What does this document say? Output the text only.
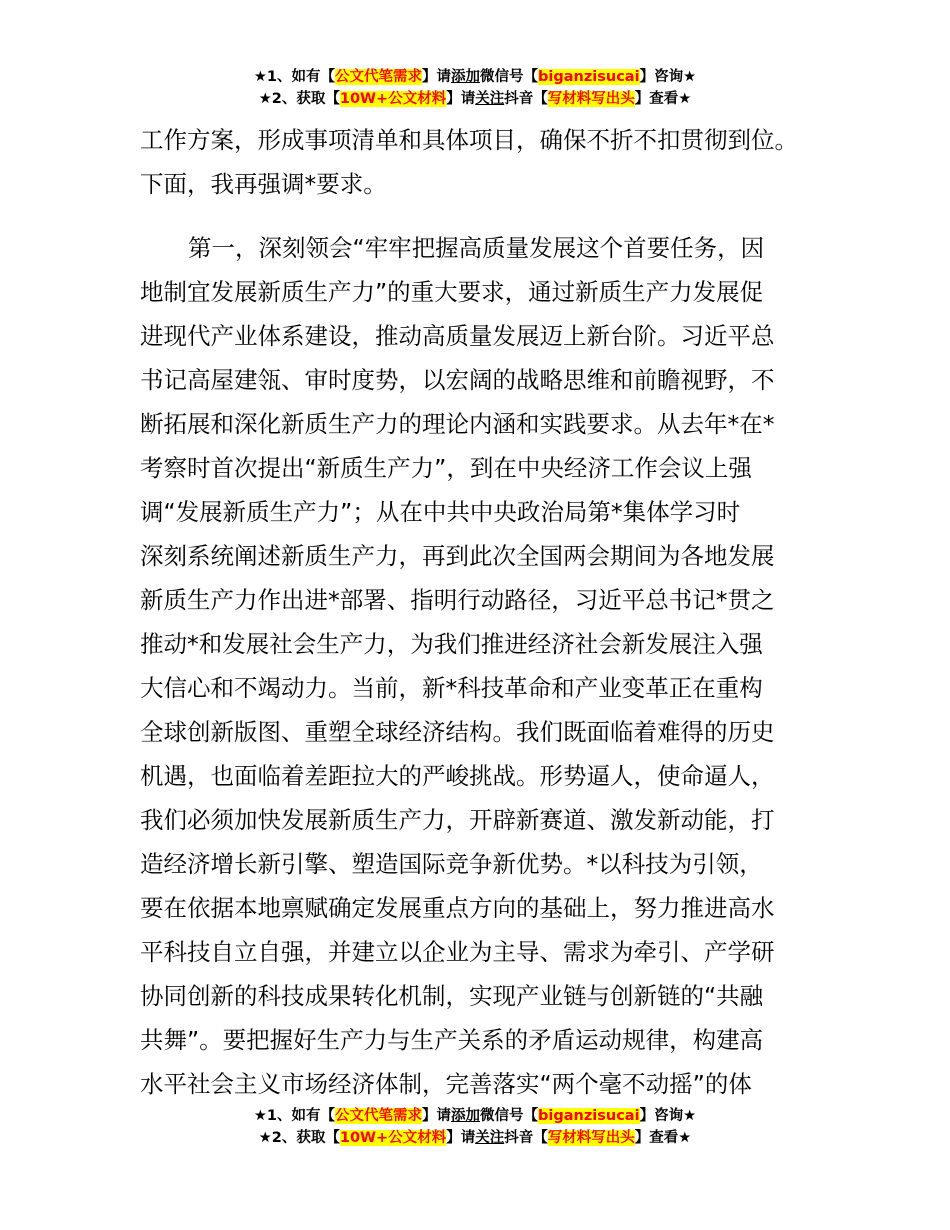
★1、如有【公文代笔需求】请添加微信号【biganzisucai】咨询★
★2、获取【10W+公文材料】请关注抖音【写材料写出头】查看★
工作方案，形成事项清单和具体项目，确保不折不扣贯彻到位。
下面，我再强调*要求。
第一，深刻领会“牢牢把握高质量发展这个首要任务，因
地制宜发展新质生产力”的重大要求，通过新质生产力发展促
进现代产业体系建设，推动高质量发展迈上新台阶。习近平总
书记高屋建瓴、审时度势，以宏阔的战略思维和前瞻视野，不
断拓展和深化新质生产力的理论内涵和实践要求。从去年*在*
考察时首次提出“新质生产力”，到在中央经济工作会议上强
调“发展新质生产力”；从在中共中央政治局第*集体学习时
深刻系统阐述新质生产力，再到此次全国两会期间为各地发展
新质生产力作出进*部署、指明行动路径，习近平总书记*贯之
推动*和发展社会生产力，为我们推进经济社会新发展注入强
大信心和不竭动力。当前，新*科技革命和产业变革正在重构
全球创新版图、重塑全球经济结构。我们既面临着难得的历史
机遇，也面临着差距拉大的严峻挑战。形势逼人，使命逼人，
我们必须加快发展新质生产力，开辟新赛道、激发新动能，打
造经济增长新引擎、塑造国际竞争新优势。*以科技为引领，
要在依据本地禀赋确定发展重点方向的基础上，努力推进高水
平科技自立自强，并建立以企业为主导、需求为牵引、产学研
协同创新的科技成果转化机制，实现产业链与创新链的“共融
共舞”。要把握好生产力与生产关系的矛盾运动规律，构建高
水平社会主义市场经济体制，完善落实“两个毫不动摇”的体
★1、如有【公文代笔需求】请添加微信号【biganzisucai】咨询★
★2、获取【10W+公文材料】请关注抖音【写材料写出头】查看★
